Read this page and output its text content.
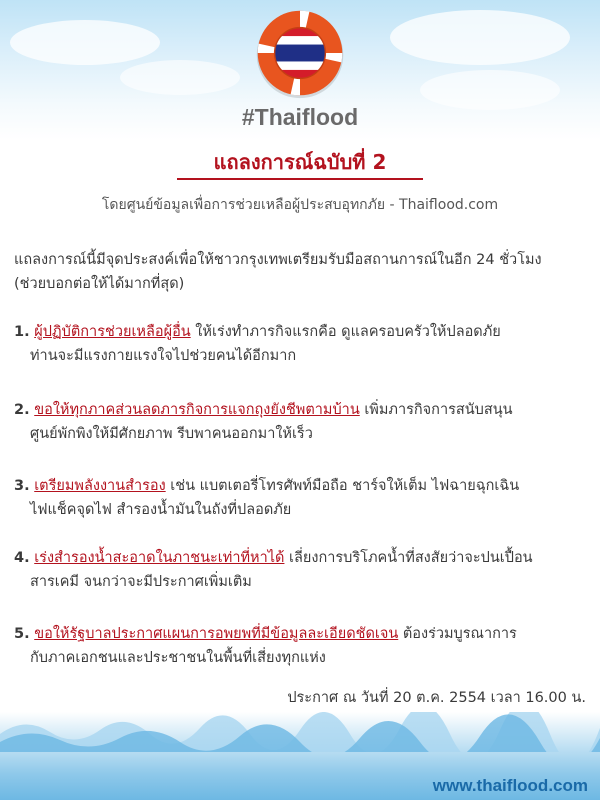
#Thaiflood
แถลงการณ์ฉบับที่ 2
โดยศูนย์ข้อมูลเพื่อการช่วยเหลือผู้ประสบอุทกภัย - Thaiflood.com
แถลงการณ์นี้มีจุดประสงค์เพื่อให้ชาวกรุงเทพเตรียมรับมือสถานการณ์ในอีก 24 ชั่วโมง
(ช่วยบอกต่อให้ได้มากที่สุด)
1. ผู้ปฏิบัติการช่วยเหลือผู้อื่น ให้เร่งทำภารกิจแรกคือ ดูแลครอบครัวให้ปลอดภัย
ท่านจะมีแรงกายแรงใจไปช่วยคนได้อีกมาก
2. ขอให้ทุกภาคส่วนลดภารกิจการแจกถุงยังชีพตามบ้าน เพิ่มภารกิจการสนับสนุน
ศูนย์พักพิงให้มีศักยภาพ รีบพาคนออกมาให้เร็ว
3. เตรียมพลังงานสำรอง เช่น แบตเตอรี่โทรศัพท์มือถือ ชาร์จให้เต็ม ไฟฉายฉุกเฉิน
ไฟแช็คจุดไฟ สำรองน้ำมันในถังที่ปลอดภัย
4. เร่งสำรองน้ำสะอาดในภาชนะเท่าที่หาได้ เลี่ยงการบริโภคน้ำที่สงสัยว่าจะปนเปื้อน
สารเคมี จนกว่าจะมีประกาศเพิ่มเติม
5. ขอให้รัฐบาลประกาศแผนการอพยพที่มีข้อมูลละเอียดชัดเจน ต้องร่วมบูรณาการ
กับภาคเอกชนและประชาชนในพื้นที่เสี่ยงทุกแห่ง
ประกาศ ณ วันที่ 20 ต.ค. 2554 เวลา 16.00 น.
www.thaiflood.com
